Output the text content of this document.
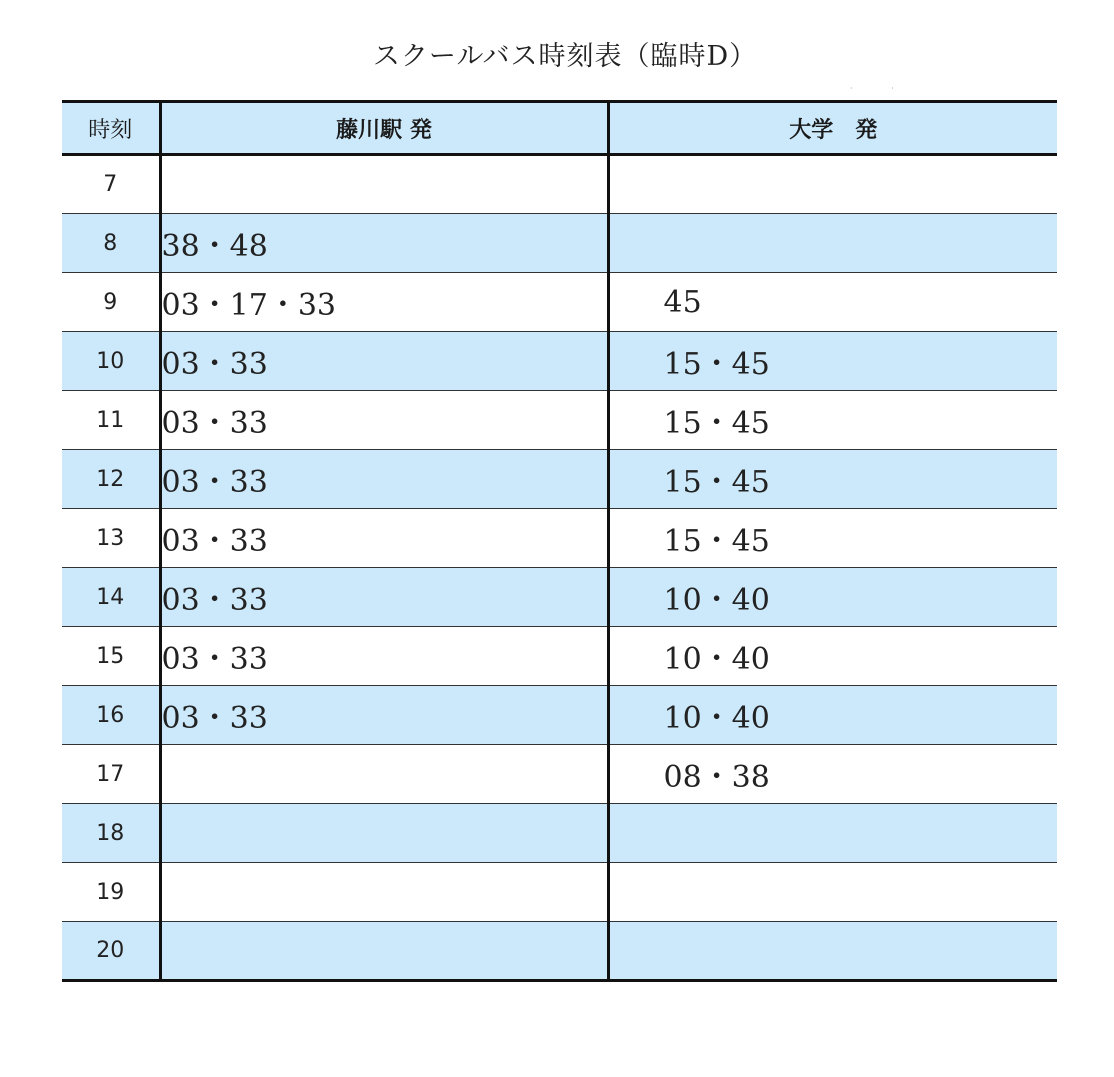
スクールバス時刻表（臨時D）
· ·
時刻	藤川駅 発	大学　発
7		
8	38・48	
9	03・17・33	45
10	03・33	15・45
11	03・33	15・45
12	03・33	15・45
13	03・33	15・45
14	03・33	10・40
15	03・33	10・40
16	03・33	10・40
17		08・38
18		
19		
20		
